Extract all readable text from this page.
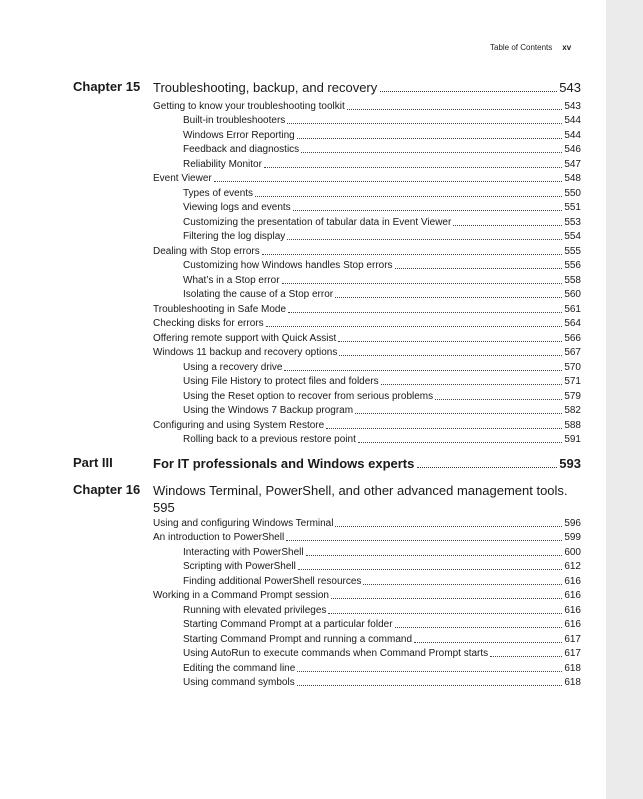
Table of Contents xv
Chapter 15 Troubleshooting, backup, and recovery	543
Getting to know your troubleshooting toolkit	543
Built-in troubleshooters	544
Windows Error Reporting	544
Feedback and diagnostics	546
Reliability Monitor	547
Event Viewer	548
Types of events	550
Viewing logs and events	551
Customizing the presentation of tabular data in Event Viewer	553
Filtering the log display	554
Dealing with Stop errors	555
Customizing how Windows handles Stop errors	556
What’s in a Stop error	558
Isolating the cause of a Stop error	560
Troubleshooting in Safe Mode	561
Checking disks for errors	564
Offering remote support with Quick Assist	566
Windows 11 backup and recovery options	567
Using a recovery drive	570
Using File History to protect files and folders	571
Using the Reset option to recover from serious problems	579
Using the Windows 7 Backup program	582
Configuring and using System Restore	588
Rolling back to a previous restore point	591
Part III	For IT professionals and Windows experts	593
Chapter 16 Windows Terminal, PowerShell, and other advanced management tools. 595
Using and configuring Windows Terminal	596
An introduction to PowerShell	599
Interacting with PowerShell	600
Scripting with PowerShell	612
Finding additional PowerShell resources	616
Working in a Command Prompt session	616
Running with elevated privileges	616
Starting Command Prompt at a particular folder	616
Starting Command Prompt and running a command	617
Using AutoRun to execute commands when Command Prompt starts	617
Editing the command line	618
Using command symbols	618
